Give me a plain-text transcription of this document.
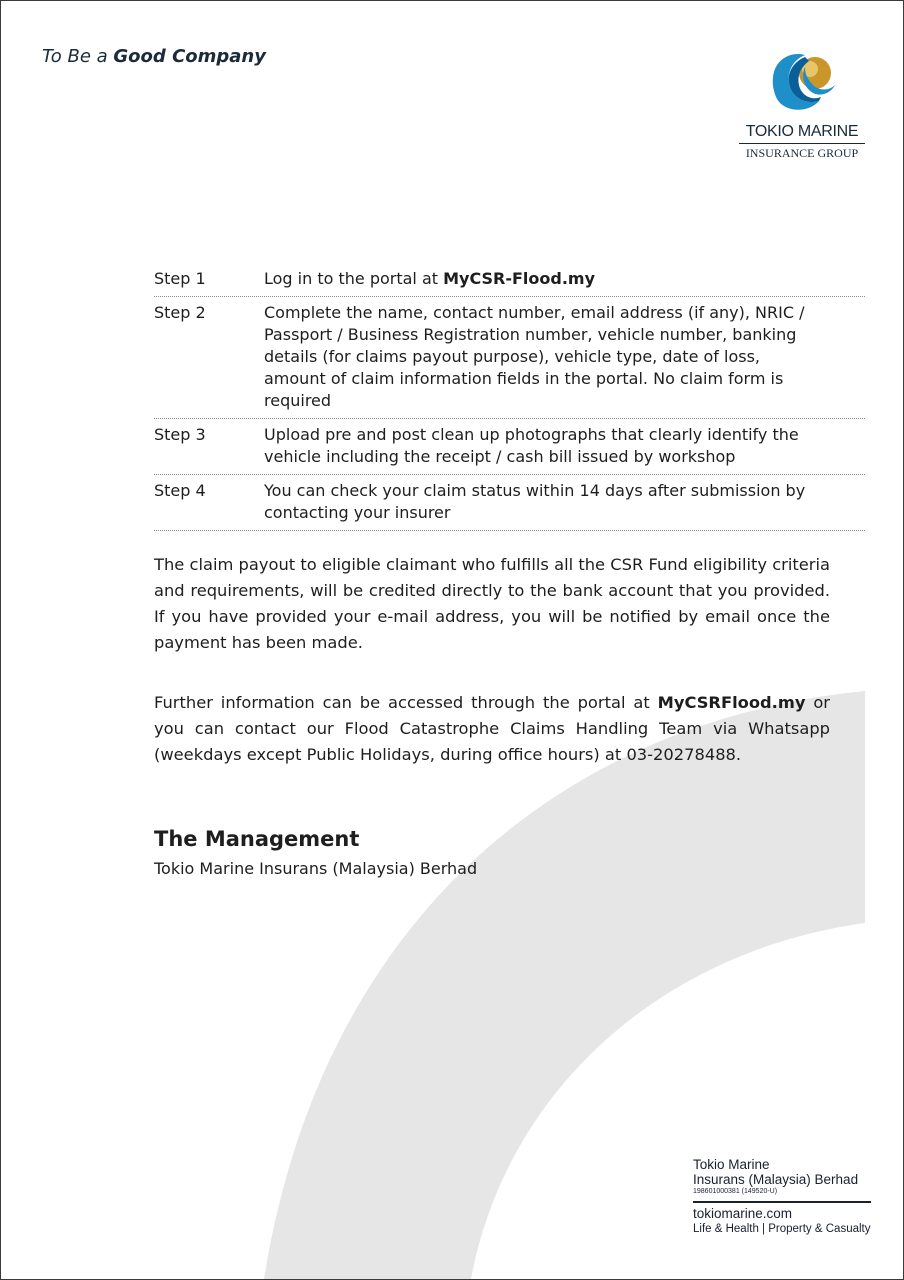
To Be a Good Company
TOKIO MARINE
INSURANCE GROUP
Step 1	Log in to the portal at MyCSR-Flood.my
Step 2	Complete the name, contact number, email address (if any), NRIC / Passport / Business Registration number, vehicle number, banking details (for claims payout purpose), vehicle type, date of loss, amount of claim information fields in the portal. No claim form is required
Step 3	Upload pre and post clean up photographs that clearly identify the vehicle including the receipt / cash bill issued by workshop
Step 4	You can check your claim status within 14 days after submission by contacting your insurer
The claim payout to eligible claimant who fulfills all the CSR Fund eligibility criteria and requirements, will be credited directly to the bank account that you provided. If you have provided your e-mail address, you will be notified by email once the payment has been made.
Further information can be accessed through the portal at MyCSRFlood.my or you can contact our Flood Catastrophe Claims Handling Team via Whatsapp (weekdays except Public Holidays, during office hours) at 03-20278488.
The Management
Tokio Marine Insurans (Malaysia) Berhad
Tokio Marine
Insurans (Malaysia) Berhad
198601000381 (149520-U)
tokiomarine.com
Life & Health | Property & Casualty
